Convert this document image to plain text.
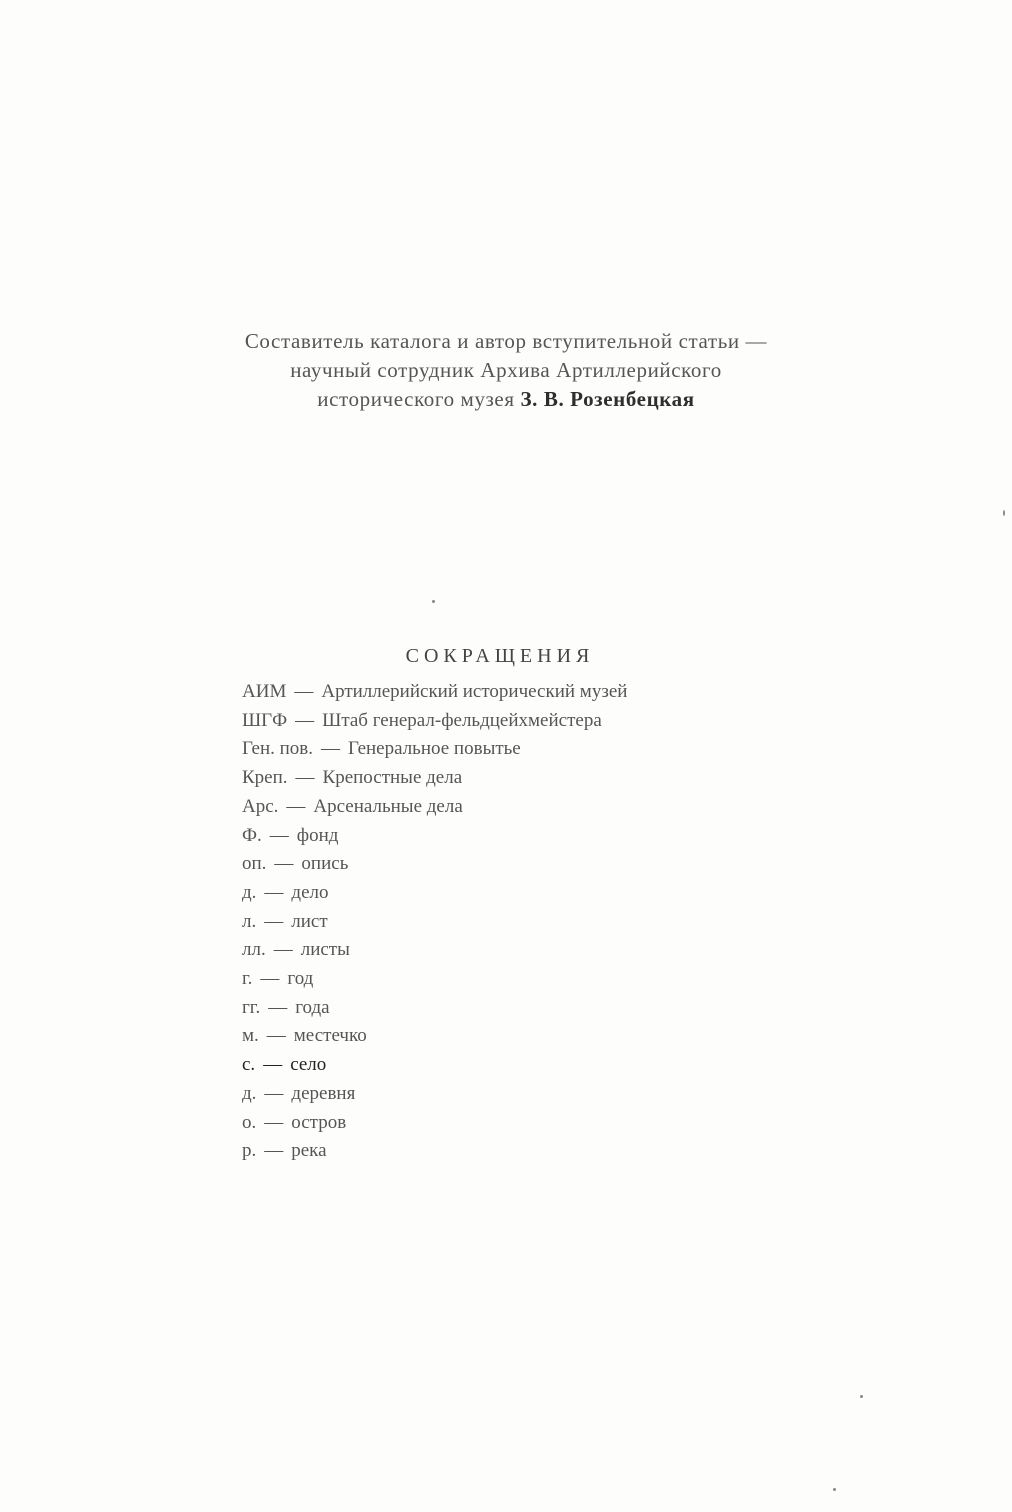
Составитель каталога и автор вступительной статьи —
научный сотрудник Архива Артиллерийского
исторического музея З. В. Розенбецкая
СОКРАЩЕНИЯ
АИМ — Артиллерийский исторический музей
ШГФ — Штаб генерал-фельдцейхмейстера
Ген. пов. — Генеральное повытье
Креп. — Крепостные дела
Арс. — Арсенальные дела
Ф. — фонд
оп. — опись
д. — дело
л. — лист
лл. — листы
г. — год
гг. — года
м. — местечко
с. — село
д. — деревня
о. — остров
р. — река
